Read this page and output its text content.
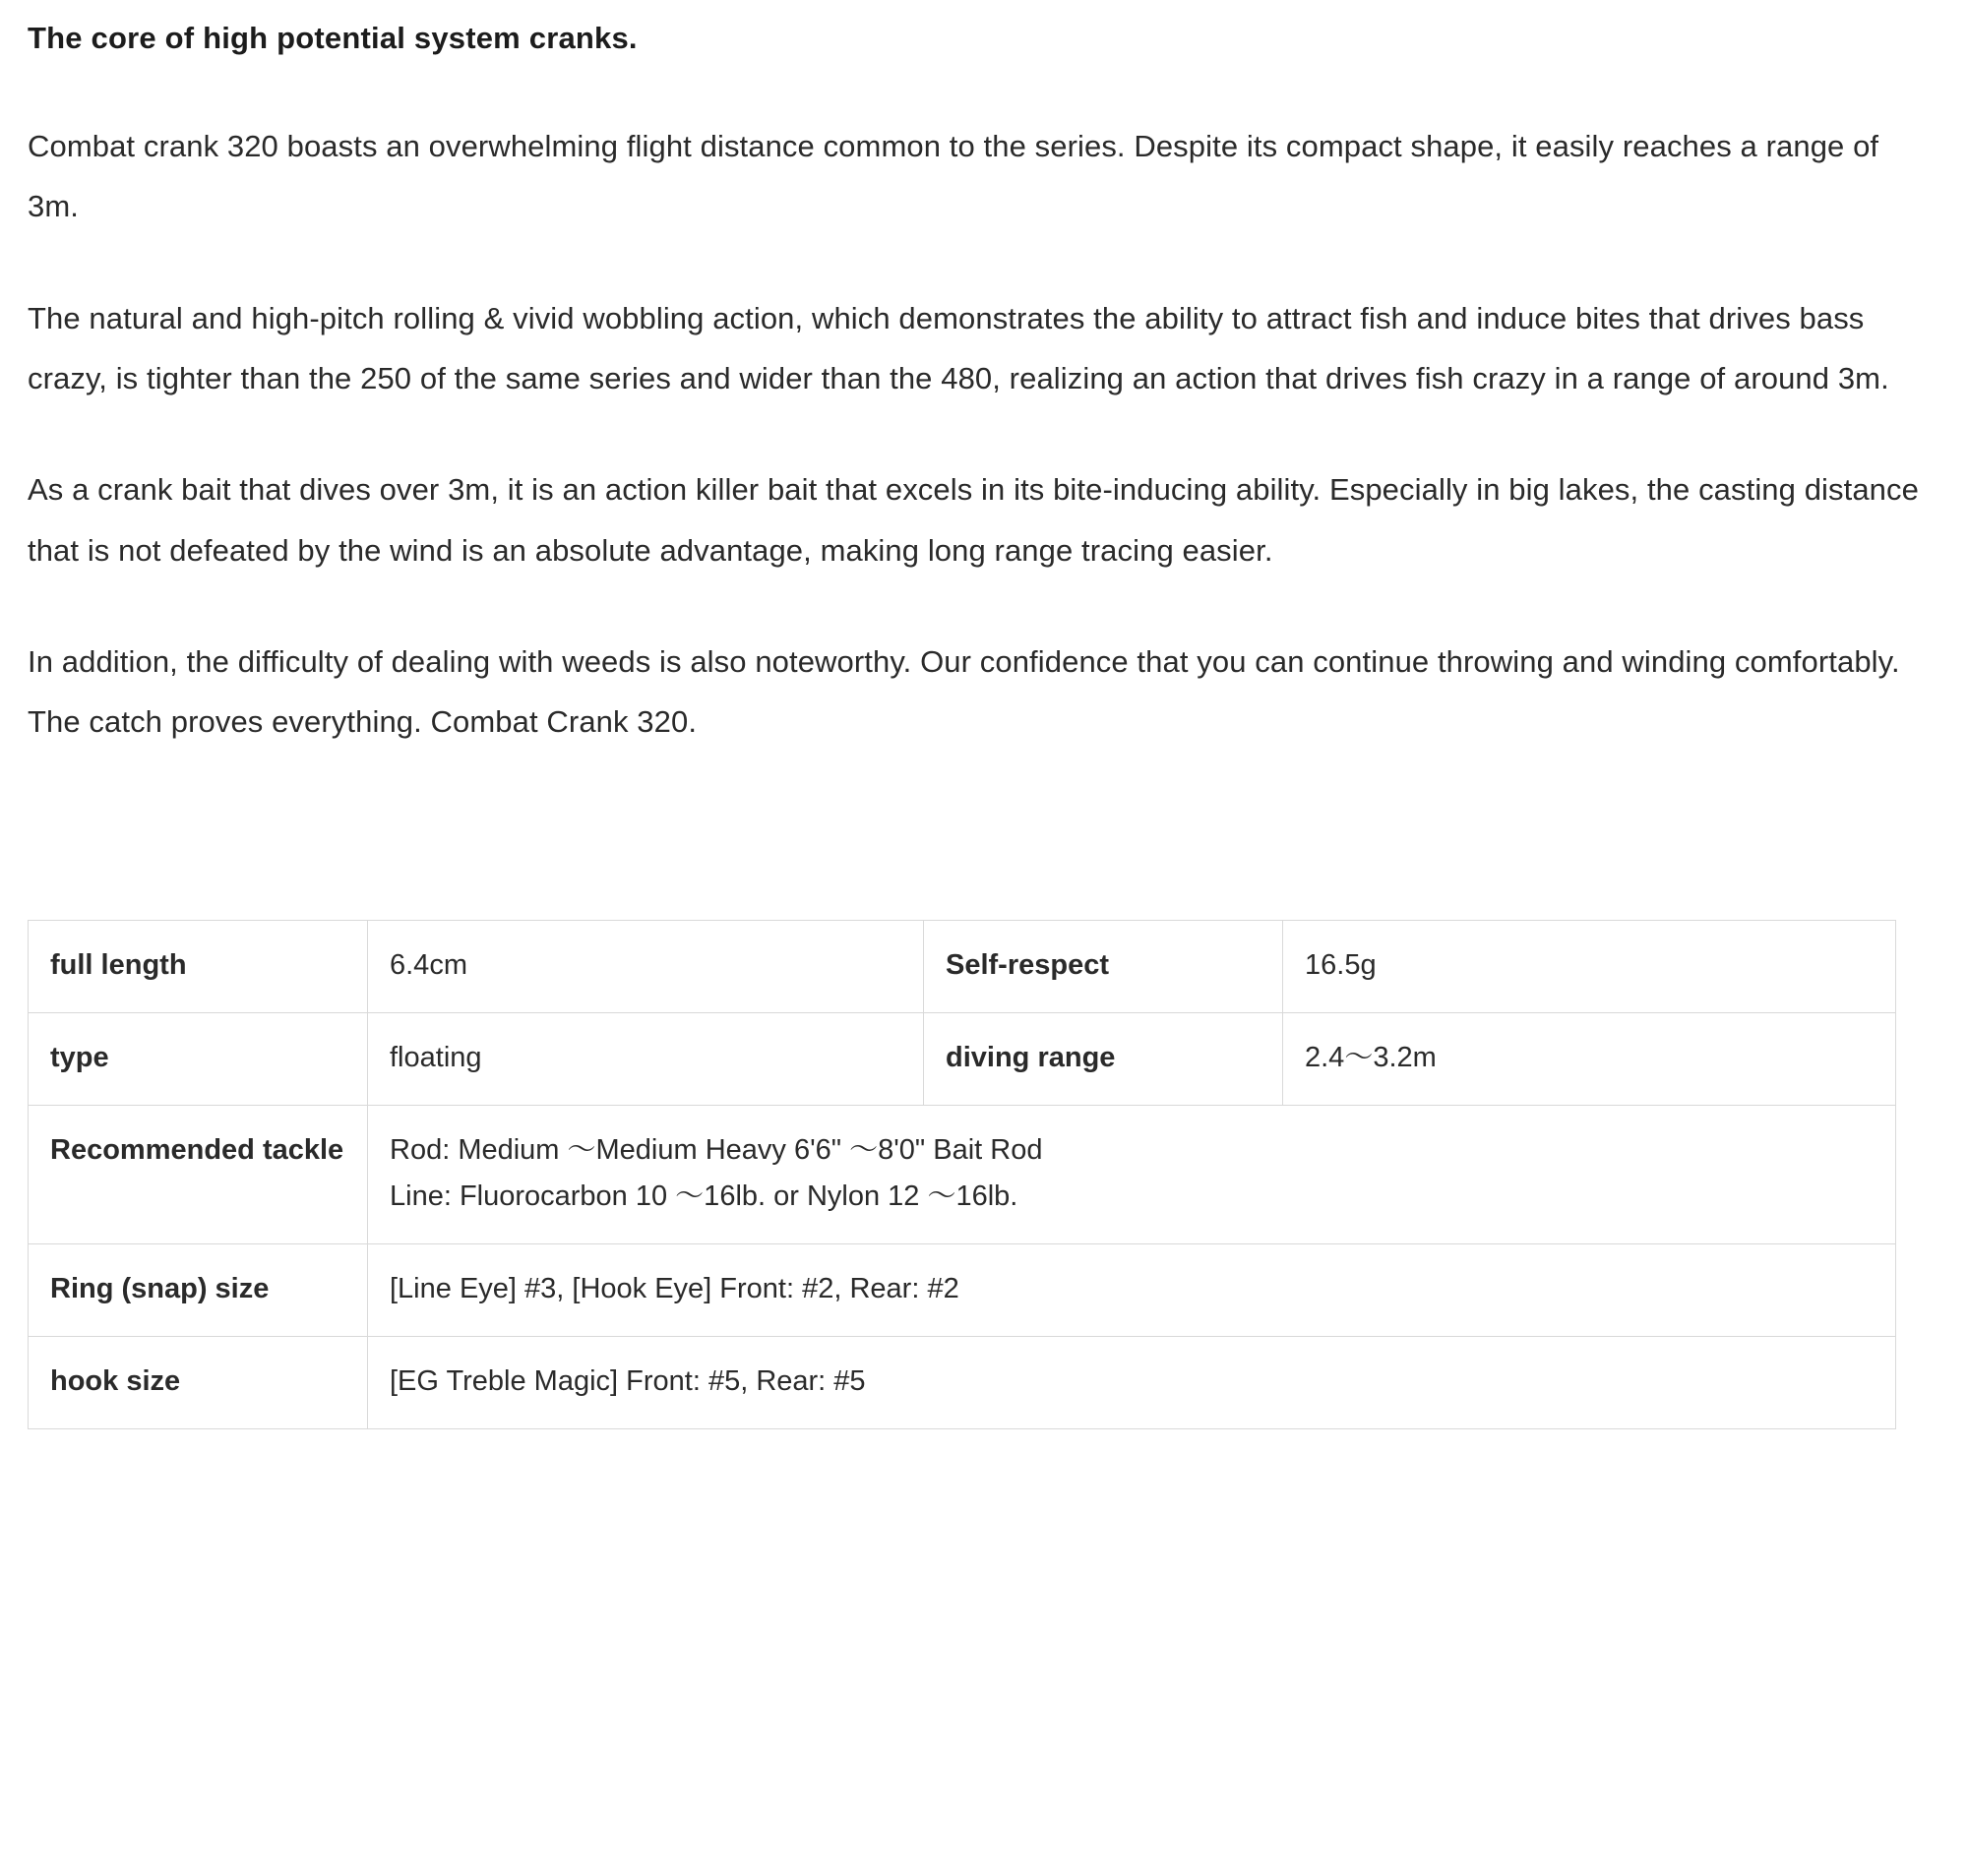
The core of high potential system cranks.

Combat crank 320 boasts an overwhelming flight distance common to the series. Despite its compact shape, it easily reaches a range of 3m.

The natural and high-pitch rolling & vivid wobbling action, which demonstrates the ability to attract fish and induce bites that drives bass crazy, is tighter than the 250 of the same series and wider than the 480, realizing an action that drives fish crazy in a range of around 3m.

As a crank bait that dives over 3m, it is an action killer bait that excels in its bite-inducing ability. Especially in big lakes, the casting distance that is not defeated by the wind is an absolute advantage, making long range tracing easier.

In addition, the difficulty of dealing with weeds is also noteworthy. Our confidence that you can continue throwing and winding comfortably. The catch proves everything. Combat Crank 320.

full length	6.4cm	Self-respect	16.5g
type	floating	diving range	2.4〜3.2m
Recommended tackle	Rod: Medium 〜Medium Heavy 6'6" 〜8'0" Bait Rod
Line: Fluorocarbon 10 〜16lb. or Nylon 12 〜16lb.		

Ring (snap) size	[Line Eye] #3, [Hook Eye] Front: #2, Rear: #2		
hook size	[EG Treble Magic] Front: #5, Rear: #5		
